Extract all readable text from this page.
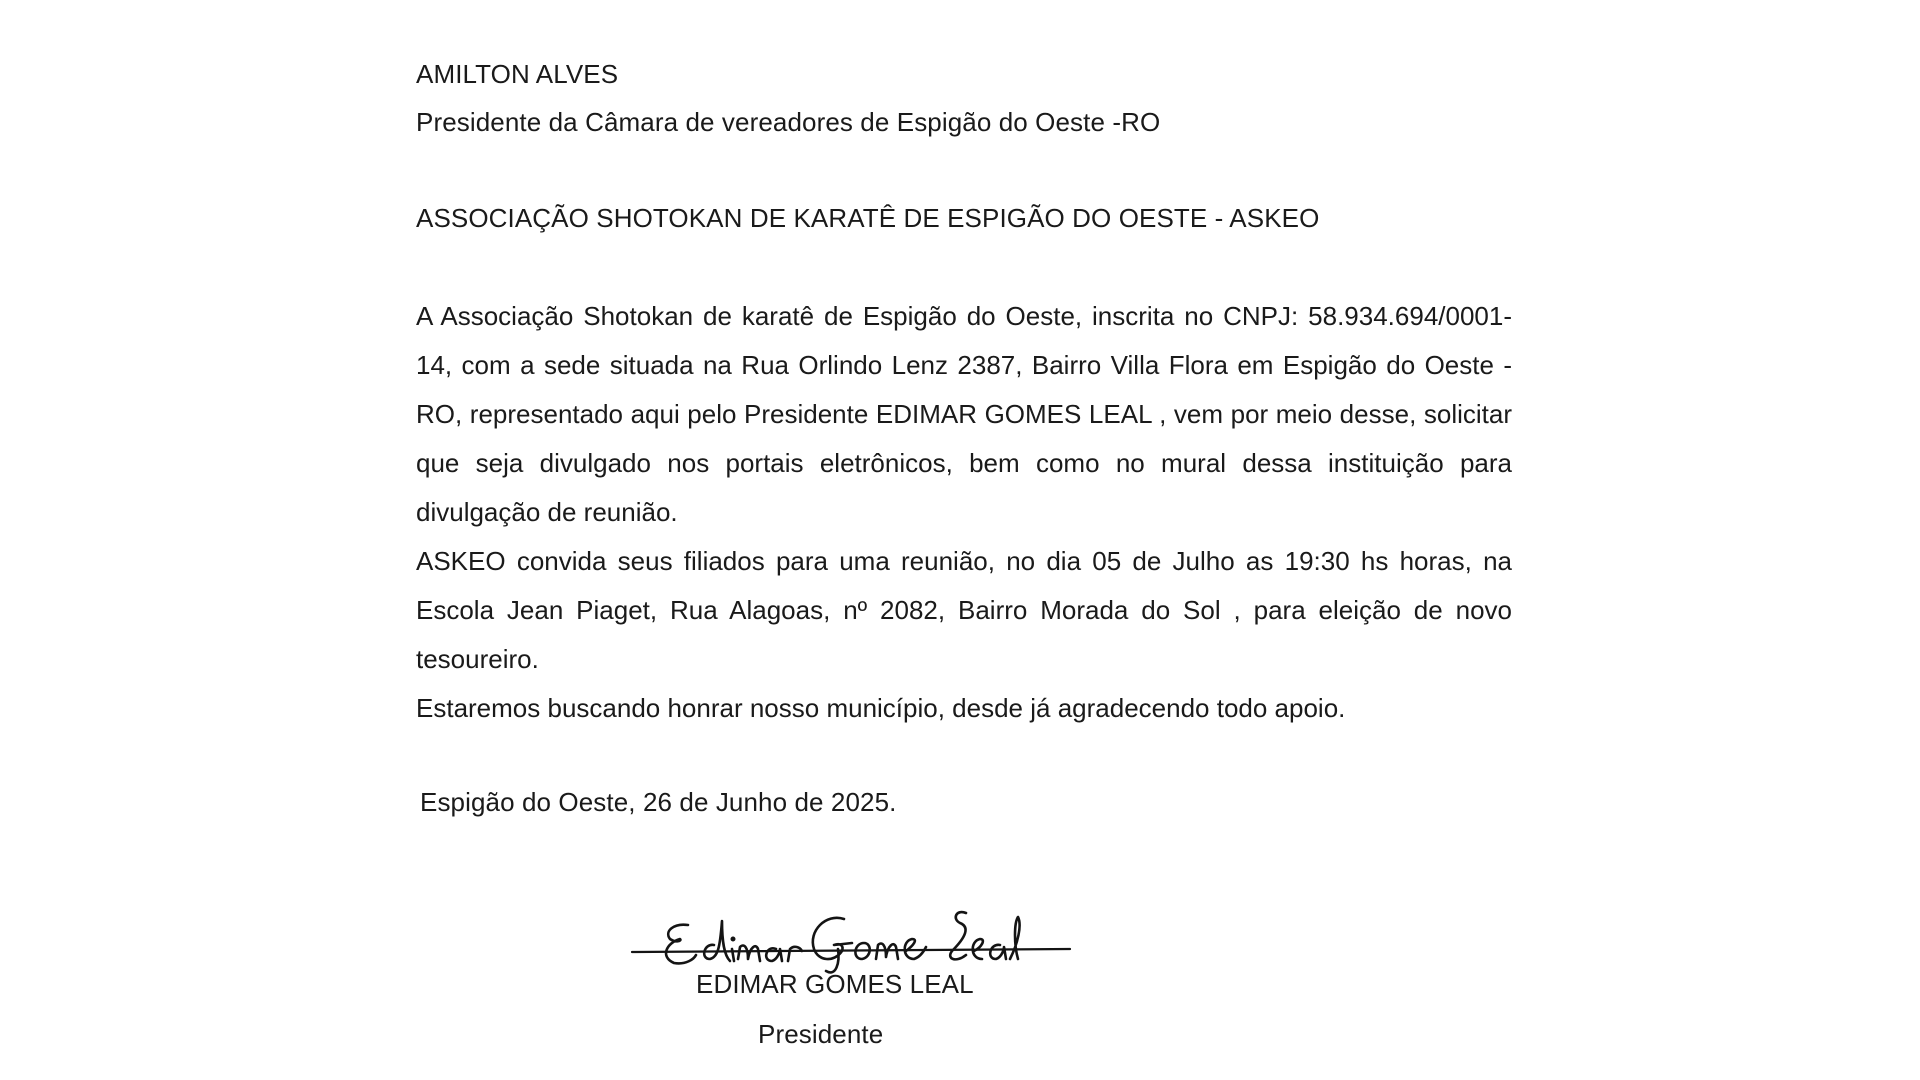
AMILTON ALVES
Presidente da Câmara de vereadores de Espigão do Oeste -RO
ASSOCIAÇÃO SHOTOKAN DE KARATÊ DE ESPIGÃO DO OESTE - ASKEO

A Associação Shotokan de karatê de Espigão do Oeste, inscrita no CNPJ: 58.934.694/0001-14, com a sede situada na Rua Orlindo Lenz 2387, Bairro Villa Flora em Espigão do Oeste -RO, representado aqui pelo Presidente EDIMAR GOMES LEAL , vem por meio desse, solicitar que seja divulgado nos portais eletrônicos, bem como no mural dessa instituição para divulgação de reunião.

ASKEO convida seus filiados para uma reunião, no dia 05 de Julho as 19:30 hs horas, na Escola Jean Piaget, Rua Alagoas, nº 2082, Bairro Morada do Sol , para eleição de novo tesoureiro.

Estaremos buscando honrar nosso município, desde já agradecendo todo apoio.

Espigão do Oeste, 26 de Junho de 2025.
EDIMAR GOMES LEAL
Presidente
